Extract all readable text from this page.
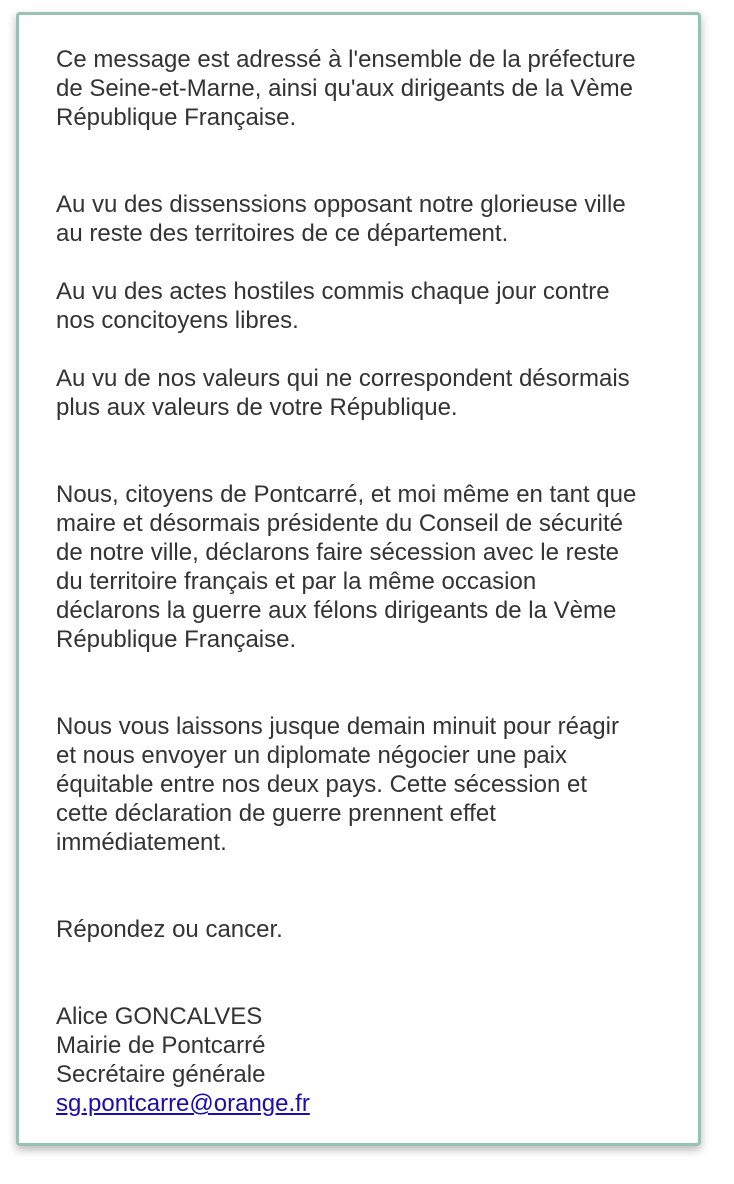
Ce message est adressé à l'ensemble de la préfecture
de Seine-et-Marne, ainsi qu'aux dirigeants de la Vème
République Française.

Au vu des dissenssions opposant notre glorieuse ville
au reste des territoires de ce département.

Au vu des actes hostiles commis chaque jour contre
nos concitoyens libres.

Au vu de nos valeurs qui ne correspondent désormais
plus aux valeurs de votre République.

Nous, citoyens de Pontcarré, et moi même en tant que
maire et désormais présidente du Conseil de sécurité
de notre ville, déclarons faire sécession avec le reste
du territoire français et par la même occasion
déclarons la guerre aux félons dirigeants de la Vème
République Française.

Nous vous laissons jusque demain minuit pour réagir
et nous envoyer un diplomate négocier une paix
équitable entre nos deux pays. Cette sécession et
cette déclaration de guerre prennent effet
immédiatement.

Répondez ou cancer.

Alice GONCALVES
Mairie de Pontcarré
Secrétaire générale
sg.pontcarre@orange.fr
